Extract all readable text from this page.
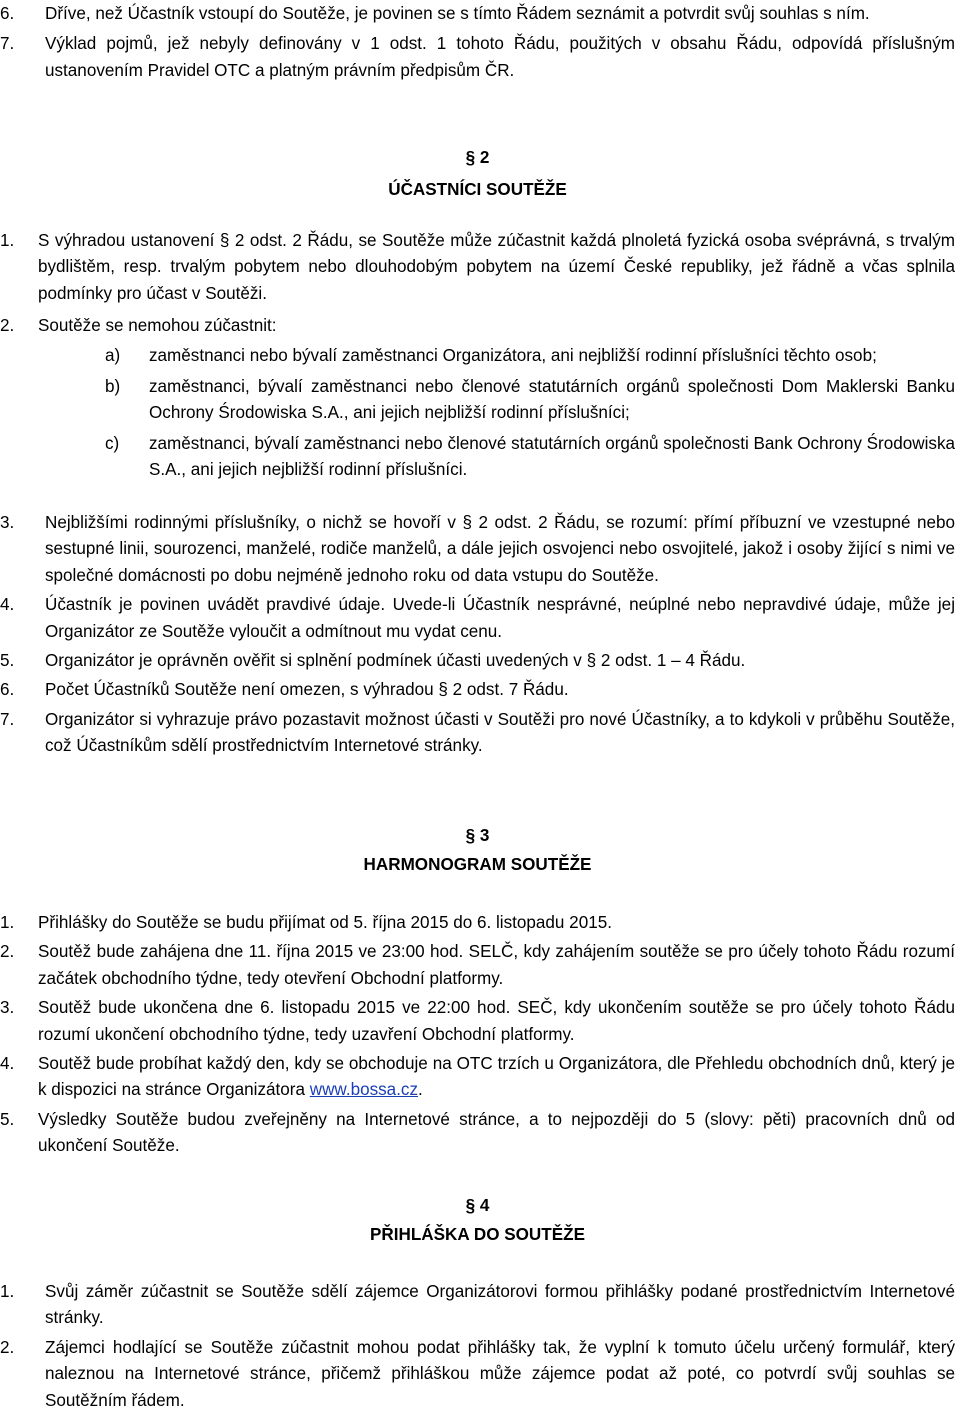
6.	Dříve, než Účastník vstoupí do Soutěže, je povinen se s tímto Řádem seznámit a potvrdit svůj souhlas s ním.
7.	Výklad pojmů, jež nebyly definovány v 1 odst. 1 tohoto Řádu, použitých v obsahu Řádu, odpovídá příslušným ustanovením Pravidel OTC a platným právním předpisům ČR.
§ 2
ÚČASTNÍCI SOUTĚŽE
1.	S výhradou ustanovení § 2 odst. 2 Řádu, se Soutěže může zúčastnit každá plnoletá fyzická osoba svéprávná, s trvalým bydlištěm, resp. trvalým pobytem nebo dlouhodobým pobytem na území České republiky, jež řádně a včas splnila podmínky pro účast v Soutěži.
2.	Soutěže se nemohou zúčastnit:
a)	zaměstnanci nebo bývalí zaměstnanci Organizátora, ani nejbližší rodinní příslušníci těchto osob;
b)	zaměstnanci, bývalí zaměstnanci nebo členové statutárních orgánů společnosti Dom Maklerski Banku Ochrony Środowiska S.A., ani jejich nejbližší rodinní příslušníci;
c)	zaměstnanci, bývalí zaměstnanci nebo členové statutárních orgánů společnosti Bank Ochrony Środowiska S.A., ani jejich nejbližší rodinní příslušníci.
3.	Nejbližšími rodinnými příslušníky, o nichž se hovoří v § 2 odst. 2 Řádu, se rozumí: přímí příbuzní ve vzestupné nebo sestupné linii, sourozenci, manželé, rodiče manželů, a dále jejich osvojenci nebo osvojitelé, jakož i osoby žijící s nimi ve společné domácnosti po dobu nejméně jednoho roku od data vstupu do Soutěže.
4.	Účastník je povinen uvádět pravdivé údaje. Uvede-li Účastník nesprávné, neúplné nebo nepravdivé údaje, může jej Organizátor ze Soutěže vyloučit a odmítnout mu vydat cenu.
5.	Organizátor je oprávněn ověřit si splnění podmínek účasti uvedených v § 2 odst. 1 – 4 Řádu.
6.	Počet Účastníků Soutěže není omezen, s výhradou § 2 odst. 7 Řádu.
7.	Organizátor si vyhrazuje právo pozastavit možnost účasti v Soutěži pro nové Účastníky, a to kdykoli v průběhu Soutěže, což Účastníkům sdělí prostřednictvím Internetové stránky.
§ 3
HARMONOGRAM SOUTĚŽE
1.	Přihlášky do Soutěže se budu přijímat od 5. října 2015 do 6. listopadu 2015.
2.	Soutěž bude zahájena dne 11. října 2015 ve 23:00 hod. SELČ, kdy zahájením soutěže se pro účely tohoto Řádu rozumí začátek obchodního týdne, tedy otevření Obchodní platformy.
3.	Soutěž bude ukončena dne 6. listopadu 2015 ve 22:00 hod. SEČ, kdy ukončením soutěže se pro účely tohoto Řádu rozumí ukončení obchodního týdne, tedy uzavření Obchodní platformy.
4.	Soutěž bude probíhat každý den, kdy se obchoduje na OTC trzích u Organizátora, dle Přehledu obchodních dnů, který je k dispozici na stránce Organizátora www.bossa.cz.
5.	Výsledky Soutěže budou zveřejněny na Internetové stránce, a to nejpozději do 5 (slovy: pěti) pracovních dnů od ukončení Soutěže.
§ 4
PŘIHLÁŠKA DO SOUTĚŽE
1.	Svůj záměr zúčastnit se Soutěže sdělí zájemce Organizátorovi formou přihlášky podané prostřednictvím Internetové stránky.
2.	Zájemci hodlající se Soutěže zúčastnit mohou podat přihlášky tak, že vyplní k tomuto účelu určený formulář, který naleznou na Internetové stránce, přičemž přihláškou může zájemce podat až poté, co potvrdí svůj souhlas se Soutěžním řádem.
